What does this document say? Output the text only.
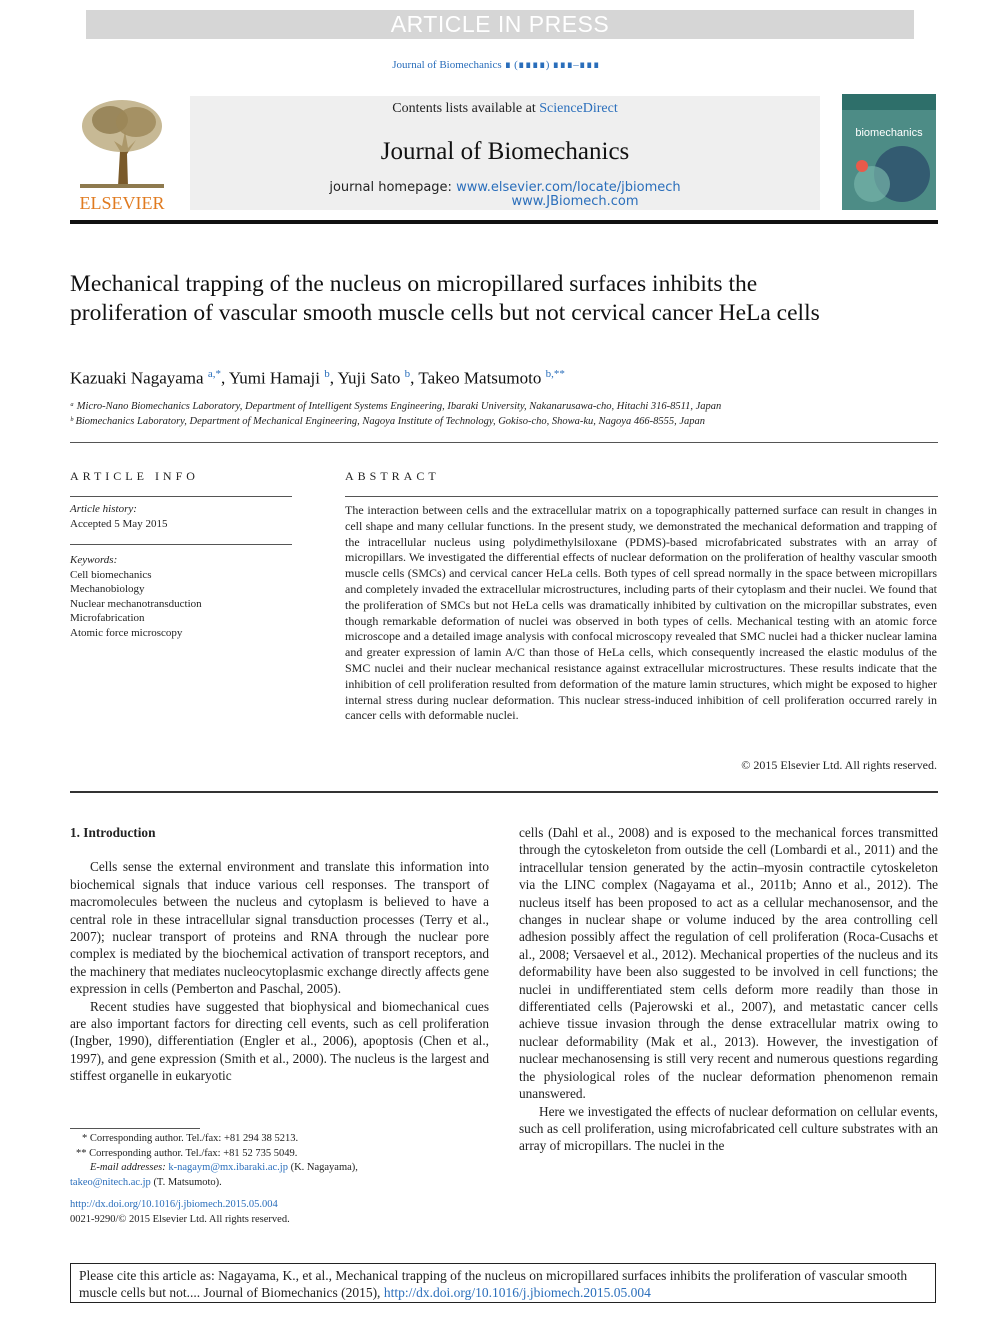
ARTICLE IN PRESS
Journal of Biomechanics ∎ (∎∎∎∎) ∎∎∎–∎∎∎
ELSEVIER
Contents lists available at ScienceDirect
Journal of Biomechanics
journal homepage: www.elsevier.com/locate/jbiomech
www.JBiomech.com
biomechanics
Mechanical trapping of the nucleus on micropillared surfaces inhibits the proliferation of vascular smooth muscle cells but not cervical cancer HeLa cells
Kazuaki Nagayama $^{a,*}$, Yumi Hamaji $^b$, Yuji Sato $^b$, Takeo Matsumoto $^{b,**}$
ᵃ Micro-Nano Biomechanics Laboratory, Department of Intelligent Systems Engineering, Ibaraki University, Nakanarusawa-cho, Hitachi 316-8511, Japan
ᵇ Biomechanics Laboratory, Department of Mechanical Engineering, Nagoya Institute of Technology, Gokiso-cho, Showa-ku, Nagoya 466-8555, Japan
ARTICLE INFO
Article history:
Accepted 5 May 2015
Keywords:
Cell biomechanics
Mechanobiology
Nuclear mechanotransduction
Microfabrication
Atomic force microscopy
ABSTRACT
The interaction between cells and the extracellular matrix on a topographically patterned surface can result in changes in cell shape and many cellular functions. In the present study, we demonstrated the mechanical deformation and trapping of the intracellular nucleus using polydimethylsiloxane (PDMS)-based microfabricated substrates with an array of micropillars. We investigated the differential effects of nuclear deformation on the proliferation of healthy vascular smooth muscle cells (SMCs) and cervical cancer HeLa cells. Both types of cell spread normally in the space between micropillars and completely invaded the extracellular microstructures, including parts of their cytoplasm and their nuclei. We found that the proliferation of SMCs but not HeLa cells was dramatically inhibited by cultivation on the micropillar substrates, even though remarkable deformation of nuclei was observed in both types of cells. Mechanical testing with an atomic force microscope and a detailed image analysis with confocal microscopy revealed that SMC nuclei had a thicker nuclear lamina and greater expression of lamin A/C than those of HeLa cells, which consequently increased the elastic modulus of the SMC nuclei and their nuclear mechanical resistance against extracellular microstructures. These results indicate that the inhibition of cell proliferation resulted from deformation of the mature lamin structures, which might be exposed to higher internal stress during nuclear deformation. This nuclear stress-induced inhibition of cell proliferation occurred rarely in cancer cells with deformable nuclei.
© 2015 Elsevier Ltd. All rights reserved.

1. Introduction

Cells sense the external environment and translate this information into biochemical signals that induce various cell responses. The transport of macromolecules between the nucleus and cytoplasm is believed to have a central role in these intracellular signal transduction processes (Terry et al., 2007); nuclear transport of proteins and RNA through the nuclear pore complex is mediated by the biochemical activation of transport receptors, and the machinery that mediates nucleocytoplasmic exchange directly affects gene expression in cells (Pemberton and Paschal, 2005).

Recent studies have suggested that biophysical and biomechanical cues are also important factors for directing cell events, such as cell proliferation (Ingber, 1990), differentiation (Engler et al., 2006), apoptosis (Chen et al., 1997), and gene expression (Smith et al., 2000). The nucleus is the largest and stiffest organelle in eukaryotic

* Corresponding author. Tel./fax: +81 294 38 5213.
** Corresponding author. Tel./fax: +81 52 735 5049.
E-mail addresses: k-nagaym@mx.ibaraki.ac.jp (K. Nagayama),
takeo@nitech.ac.jp (T. Matsumoto).
http://dx.doi.org/10.1016/j.jbiomech.2015.05.004
0021-9290/© 2015 Elsevier Ltd. All rights reserved.

cells (Dahl et al., 2008) and is exposed to the mechanical forces transmitted through the cytoskeleton from outside the cell (Lombardi et al., 2011) and the intracellular tension generated by the actin–myosin contractile cytoskeleton via the LINC complex (Nagayama et al., 2011b; Anno et al., 2012). The nucleus itself has been proposed to act as a cellular mechanosensor, and the changes in nuclear shape or volume induced by the area controlling cell adhesion possibly affect the regulation of cell proliferation (Roca-Cusachs et al., 2008; Versaevel et al., 2012). Mechanical properties of the nucleus and its deformability have been also suggested to be involved in cell functions; the nuclei in undifferentiated stem cells deform more readily than those in differentiated cells (Pajerowski et al., 2007), and metastatic cancer cells achieve tissue invasion through the dense extracellular matrix owing to nuclear deformability (Mak et al., 2013). However, the investigation of nuclear mechanosensing is still very recent and numerous questions regarding the physiological roles of the nuclear deformation phenomenon remain unanswered.

Here we investigated the effects of nuclear deformation on cellular events, such as cell proliferation, using microfabricated cell culture substrates with an array of micropillars. The nuclei in the

Please cite this article as: Nagayama, K., et al., Mechanical trapping of the nucleus on micropillared surfaces inhibits the proliferation of vascular smooth muscle cells but not.... Journal of Biomechanics (2015), http://dx.doi.org/10.1016/j.jbiomech.2015.05.004
